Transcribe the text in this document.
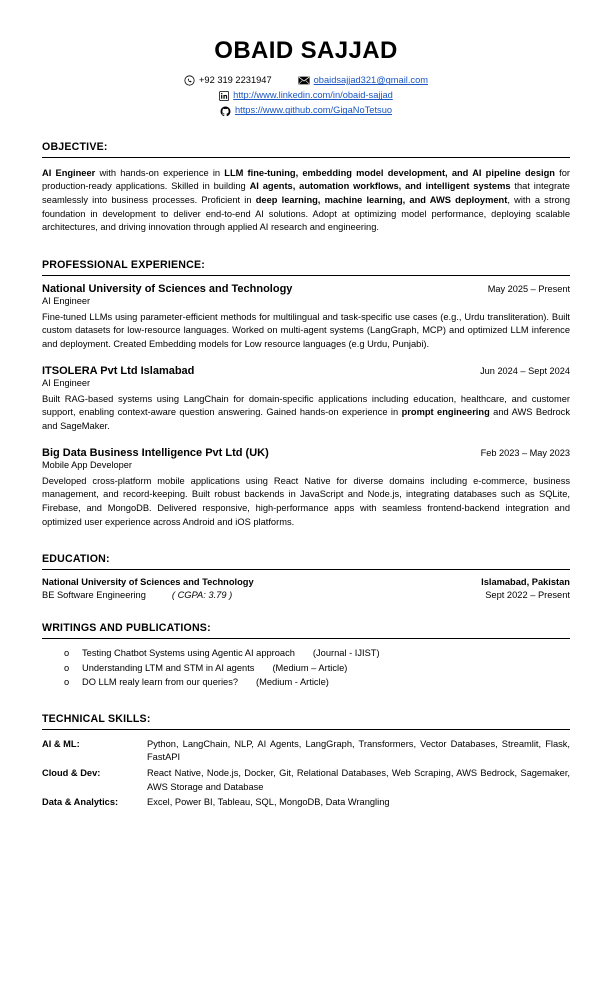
OBAID SAJJAD
+92 319 2231947	obaidsajjad321@gmail.com
http://www.linkedin.com/in/obaid-sajjad
https://www.github.com/GigaNoTetsuo
OBJECTIVE:

AI Engineer with hands-on experience in LLM fine-tuning, embedding model development, and AI pipeline design for production-ready applications. Skilled in building AI agents, automation workflows, and intelligent systems that integrate seamlessly into business processes. Proficient in deep learning, machine learning, and AWS deployment, with a strong foundation in development to deliver end-to-end AI solutions. Adopt at optimizing model performance, deploying scalable architectures, and driving innovation through applied AI research and engineering.

PROFESSIONAL EXPERIENCE:
National University of Sciences and Technology	May 2025 – Present
AI Engineer

Fine-tuned LLMs using parameter-efficient methods for multilingual and task-specific use cases (e.g., Urdu transliteration). Built custom datasets for low-resource languages. Worked on multi-agent systems (LangGraph, MCP) and optimized LLM inference and deployment. Created Embedding models for Low resource languages (e.g Urdu, Punjabi).

ITSOLERA Pvt Ltd Islamabad	Jun 2024 – Sept 2024
AI Engineer

Built RAG-based systems using LangChain for domain-specific applications including education, healthcare, and customer support, enabling context-aware question answering. Gained hands-on experience in prompt engineering and AWS Bedrock and SageMaker.

Big Data Business Intelligence Pvt Ltd (UK)	Feb 2023 – May 2023
Mobile App Developer

Developed cross-platform mobile applications using React Native for diverse domains including e-commerce, business management, and record-keeping. Built robust backends in JavaScript and Node.js, integrating databases such as SQLite, Firebase, and MongoDB. Delivered responsive, high-performance apps with seamless frontend-backend integration and optimized user experience across Android and iOS platforms.

EDUCATION:
National University of Sciences and Technology	Islamabad, Pakistan
BE Software Engineering	( CGPA: 3.79 )	Sept 2022 – Present
WRITINGS AND PUBLICATIONS:
o	Testing Chatbot Systems using Agentic AI approach (Journal - IJIST)
o	Understanding LTM and STM in AI agents (Medium – Article)
o	DO LLM realy learn from our queries? (Medium - Article)
TECHNICAL SKILLS:
AI & ML:	Python, LangChain, NLP, AI Agents, LangGraph, Transformers, Vector Databases, Streamlit, Flask, FastAPI
Cloud & Dev:	React Native, Node.js, Docker, Git, Relational Databases, Web Scraping, AWS Bedrock, Sagemaker, AWS Storage and Database
Data & Analytics:	Excel, Power BI, Tableau, SQL, MongoDB, Data Wrangling
